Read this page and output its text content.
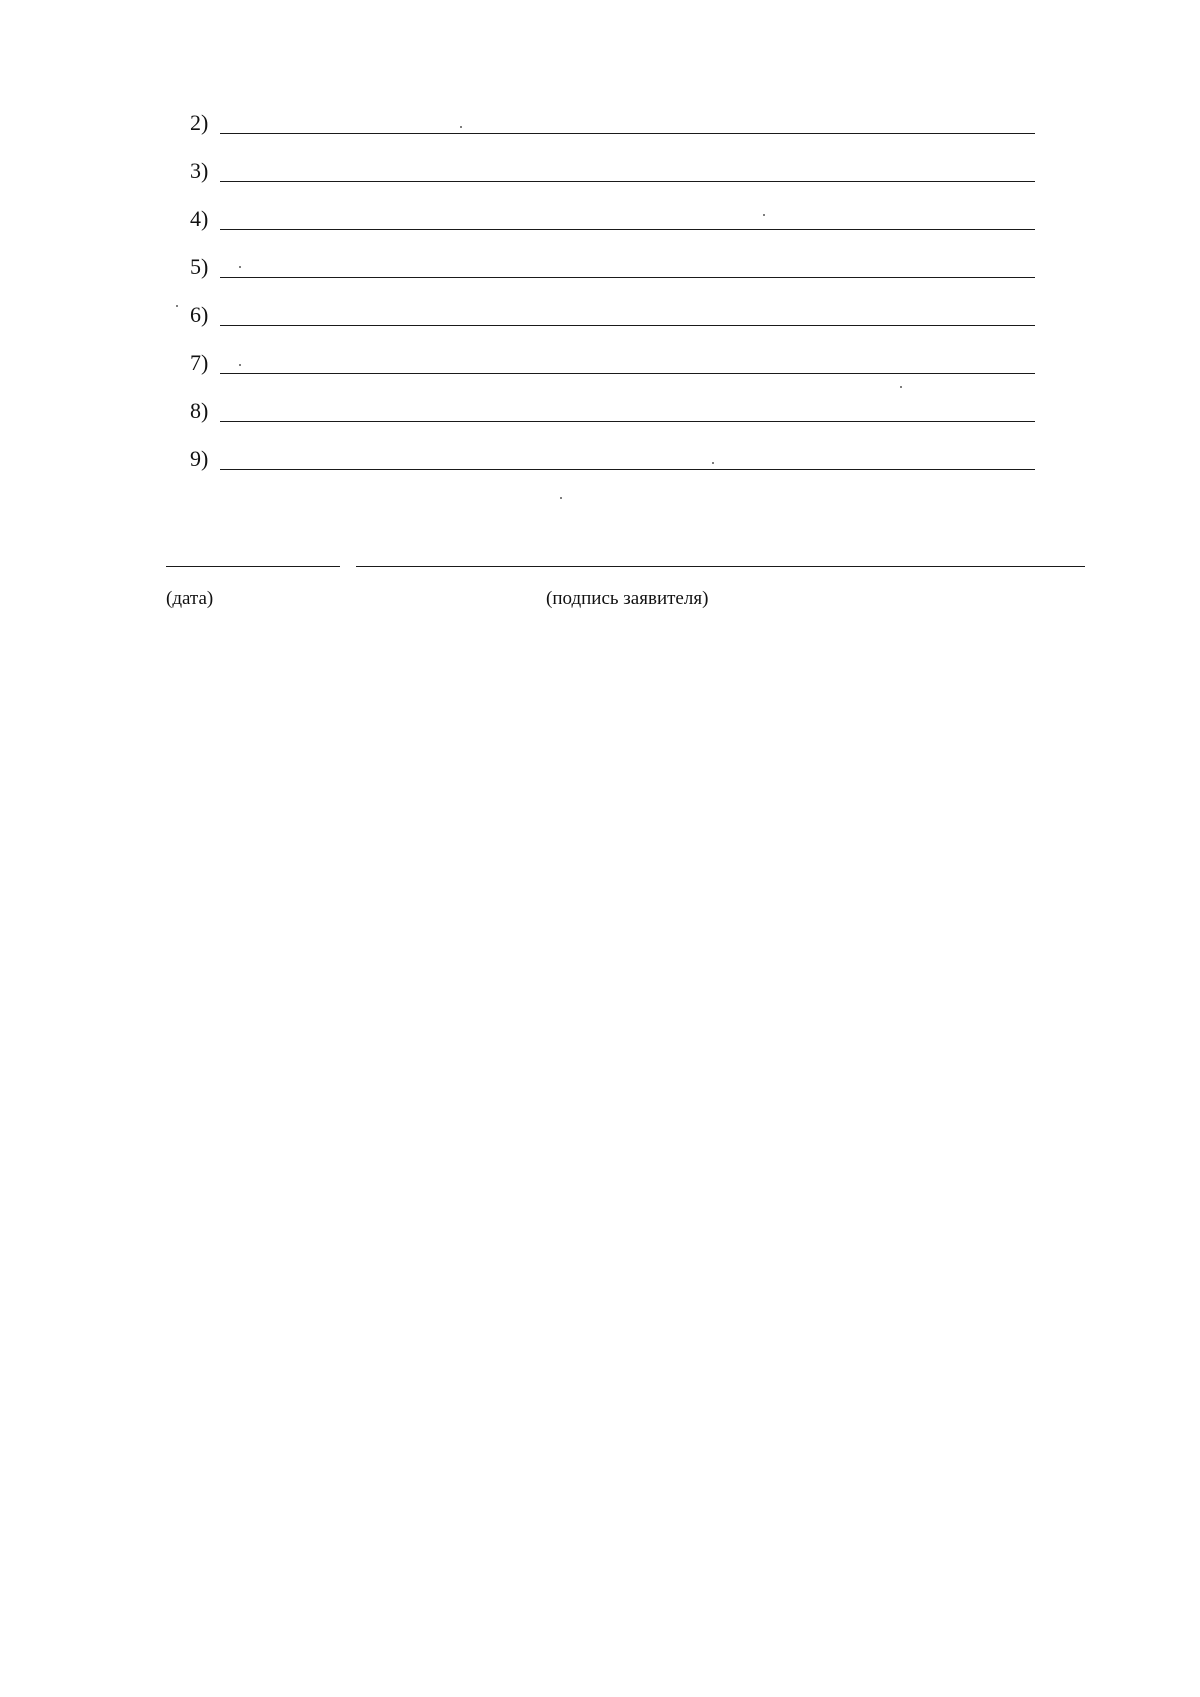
2)
3)
4)
5)
6)
7)
8)
9)
(дата)	(подпись заявителя)
